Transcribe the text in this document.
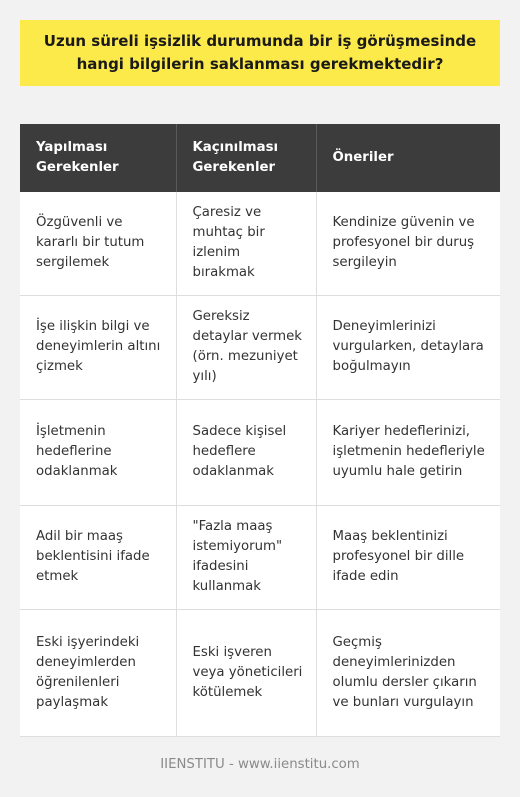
Uzun süreli işsizlik durumunda bir iş görüşmesinde hangi bilgilerin saklanması gerekmektedir?
Yapılması Gerekenler	Kaçınılması Gerekenler	Öneriler
Özgüvenli ve kararlı bir tutum sergilemek	Çaresiz ve muhtaç bir izlenim bırakmak	Kendinize güvenin ve profesyonel bir duruş sergileyin
İşe ilişkin bilgi ve deneyimlerin altını çizmek	Gereksiz detaylar vermek (örn. mezuniyet yılı)	Deneyimlerinizi vurgularken, detaylara boğulmayın
İşletmenin hedeflerine odaklanmak	Sadece kişisel hedeflere odaklanmak	Kariyer hedeflerinizi, işletmenin hedefleriyle uyumlu hale getirin
Adil bir maaş beklentisini ifade etmek	"Fazla maaş istemiyorum" ifadesini kullanmak	Maaş beklentinizi profesyonel bir dille ifade edin
Eski işyerindeki deneyimlerden öğrenilenleri paylaşmak	Eski işveren veya yöneticileri kötülemek	Geçmiş deneyimlerinizden olumlu dersler çıkarın ve bunları vurgulayın
IIENSTITU - www.iienstitu.com
